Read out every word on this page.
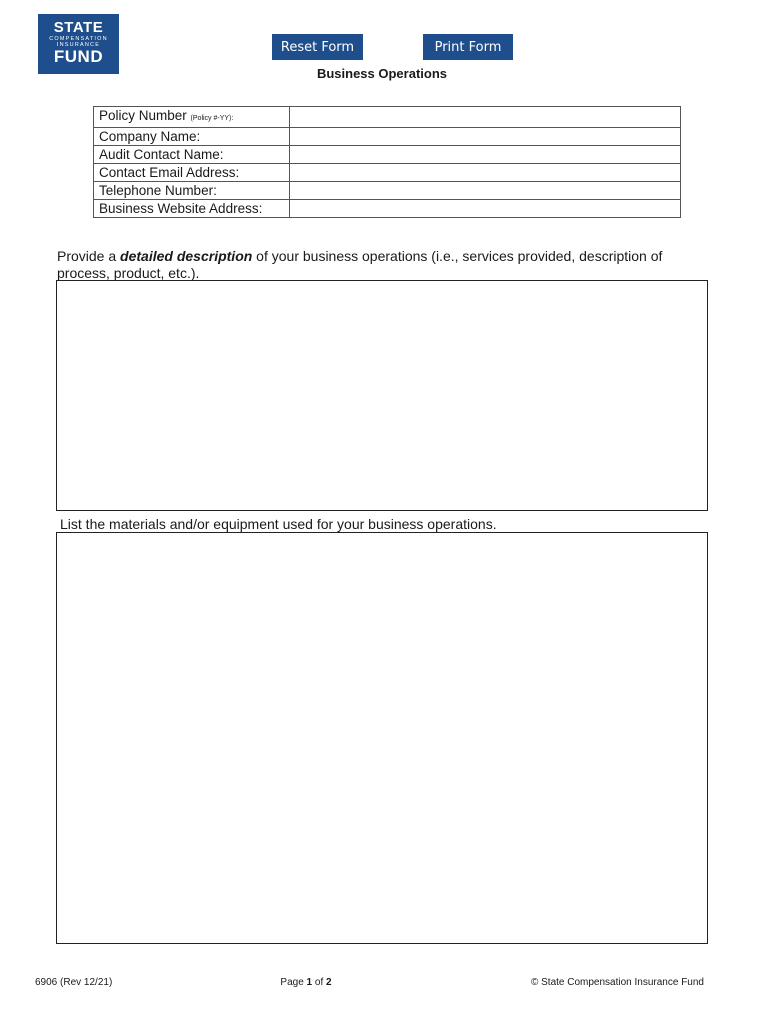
STATE
COMPENSATION
INSURANCE
FUND	Reset Form	Print Form
Business Operations
Policy Number (Policy #-YY):	
Company Name:	
Audit Contact Name:	
Contact Email Address:	
Telephone Number:	
Business Website Address:	
Provide a detailed description of your business operations (i.e., services provided, description of process, product, etc.).
List the materials and/or equipment used for your business operations.
6906 (Rev 12/21)	Page 1 of 2	© State Compensation Insurance Fund
